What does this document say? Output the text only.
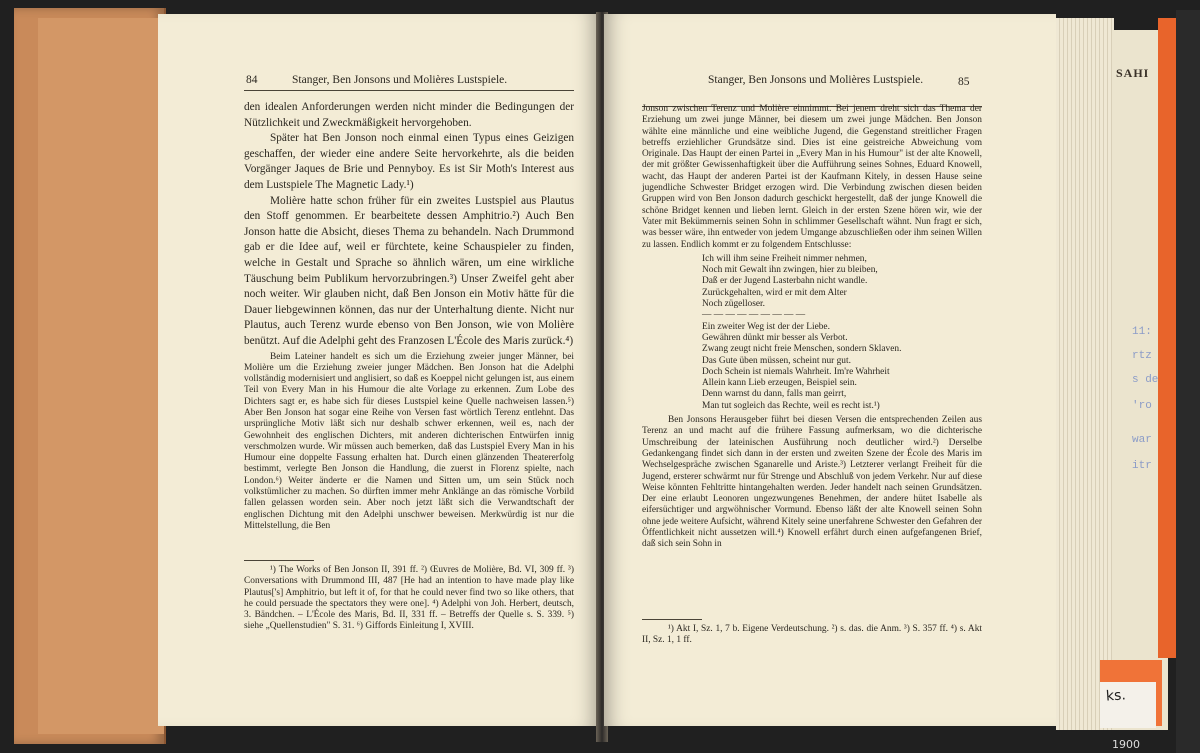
84	Stanger, Ben Jonsons und Molières Lustspiele.

den idealen Anforderungen werden nicht minder die Bedingungen der Nützlichkeit und Zweckmäßigkeit hervorgehoben.

Später hat Ben Jonson noch einmal einen Typus eines Geizigen geschaffen, der wieder eine andere Seite hervorkehrte, als die beiden Vorgänger Jaques de Brie und Pennyboy. Es ist Sir Moth's Interest aus dem Lustspiele The Magnetic Lady.¹)

Molière hatte schon früher für ein zweites Lustspiel aus Plautus den Stoff genommen. Er bearbeitete dessen Amphitrio.²) Auch Ben Jonson hatte die Absicht, dieses Thema zu behandeln. Nach Drummond gab er die Idee auf, weil er fürchtete, keine Schauspieler zu finden, welche in Gestalt und Sprache so ähnlich wären, um eine wirkliche Täuschung beim Publikum hervorzubringen.³) Unser Zweifel geht aber noch weiter. Wir glauben nicht, daß Ben Jonson ein Motiv hätte für die Dauer liebgewinnen können, das nur der Unterhaltung diente. Nicht nur Plautus, auch Terenz wurde ebenso von Ben Jonson, wie von Molière benützt. Auf die Adelphi geht des Franzosen L'École des Maris zurück.⁴)

Beim Lateiner handelt es sich um die Erziehung zweier junger Männer, bei Molière um die Erziehung zweier junger Mädchen. Ben Jonson hat die Adelphi vollständig modernisiert und anglisiert, so daß es Koeppel nicht gelungen ist, aus einem Teil von Every Man in his Humour die alte Vorlage zu erkennen. Zum Lobe des Dichters sagt er, es habe sich für dieses Lustspiel keine Quelle nachweisen lassen.⁵) Aber Ben Jonson hat sogar eine Reihe von Versen fast wörtlich Terenz entlehnt. Das ursprüngliche Motiv läßt sich nur deshalb schwer erkennen, weil es, nach der Gewohnheit des englischen Dichters, mit anderen dichterischen Entwürfen innig verschmolzen wurde. Wir müssen auch bemerken, daß das Lustspiel Every Man in his Humour eine doppelte Fassung erhalten hat. Durch einen glänzenden Theatererfolg bestimmt, verlegte Ben Jonson die Handlung, die zuerst in Florenz spielte, nach London.⁶) Weiter änderte er die Namen und Sitten um, um sein Stück noch volkstümlicher zu machen. So dürften immer mehr Anklänge an das römische Vorbild fallen gelassen worden sein. Aber noch jetzt läßt sich die Verwandtschaft der englischen Dichtung mit den Adelphi unschwer beweisen. Merkwürdig ist nur die Mittelstellung, die Ben

¹) The Works of Ben Jonson II, 391 ff. ²) Œuvres de Molière, Bd. VI, 309 ff. ³) Conversations with Drummond III, 487 [He had an intention to have made play like Plautus['s] Amphitrio, but left it of, for that he could never find two so like others, that he could persuade the spectators they were one]. ⁴) Adelphi von Joh. Herbert, deutsch, 3. Bändchen. – L'École des Maris, Bd. II, 331 ff. – Betreffs der Quelle s. S. 339. ⁵) siehe „Quellenstudien" S. 31. ⁶) Giffords Einleitung I, XVIII.

Stanger, Ben Jonsons und Molières Lustspiele.	85

Jonson zwischen Terenz und Molière einnimmt. Bei jenem dreht sich das Thema der Erziehung um zwei junge Männer, bei diesem um zwei junge Mädchen. Ben Jonson wählte eine männliche und eine weibliche Jugend, die Gegenstand streitlicher Fragen betreffs erziehlicher Grundsätze sind. Dies ist eine geistreiche Abweichung vom Originale. Das Haupt der einen Partei in „Every Man in his Humour" ist der alte Knowell, der mit größter Gewissenhaftigkeit über die Aufführung seines Sohnes, Eduard Knowell, wacht, das Haupt der anderen Partei ist der Kaufmann Kitely, in dessen Hause seine jugendliche Schwester Bridget erzogen wird. Die Verbindung zwischen diesen beiden Gruppen wird von Ben Jonson dadurch geschickt hergestellt, daß der junge Knowell die schöne Bridget kennen und lieben lernt. Gleich in der ersten Szene hören wir, wie der Vater mit Bekümmernis seinen Sohn in schlimmer Gesellschaft wähnt. Nun fragt er sich, was besser wäre, ihn entweder von jedem Umgange abzuschließen oder ihm seinen Willen zu lassen. Endlich kommt er zu folgendem Entschlusse:

Ich will ihm seine Freiheit nimmer nehmen,
Noch mit Gewalt ihn zwingen, hier zu bleiben,
Daß er der Jugend Lasterbahn nicht wandle.
Zurückgehalten, wird er mit dem Alter
Noch zügelloser.
— — — — — — — — —
Ein zweiter Weg ist der der Liebe.
Gewähren dünkt mir besser als Verbot.
Zwang zeugt nicht freie Menschen, sondern Sklaven.
Das Gute üben müssen, scheint nur gut.
Doch Schein ist niemals Wahrheit. Im're Wahrheit
Allein kann Lieb erzeugen, Beispiel sein.
Denn warnst du dann, falls man geirrt,
Man tut sogleich das Rechte, weil es recht ist.¹)

Ben Jonsons Herausgeber führt bei diesen Versen die entsprechenden Zeilen aus Terenz an und macht auf die frühere Fassung aufmerksam, wo die dichterische Umschreibung der lateinischen Ausführung noch deutlicher wird.²) Derselbe Gedankengang findet sich dann in der ersten und zweiten Szene der École des Maris im Wechselgespräche zwischen Sganarelle und Ariste.³) Letzterer verlangt Freiheit für die Jugend, ersterer schwärmt nur für Strenge und Abschluß von jedem Verkehr. Nur auf diese Weise könnten Fehltritte hintangehalten werden. Jeder handelt nach seinen Grundsätzen. Der eine erlaubt Leonoren ungezwungenes Benehmen, der andere hütet Isabelle als eifersüchtiger und argwöhnischer Vormund. Ebenso läßt der alte Knowell seinen Sohn ohne jede weitere Aufsicht, während Kitely seine unerfahrene Schwester den Gefahren der Öffentlichkeit nicht aussetzen will.⁴) Knowell erfährt durch einen aufgefangenen Brief, daß sich sein Sohn in

¹) Akt I, Sz. 1, 7 b. Eigene Verdeutschung. ²) s. das. die Anm. ³) S. 357 ff. ⁴) s. Akt II, Sz. 1, 1 ff.

SAHI
11:
rtz
s de
'ro
war
itr
ks.
1900
